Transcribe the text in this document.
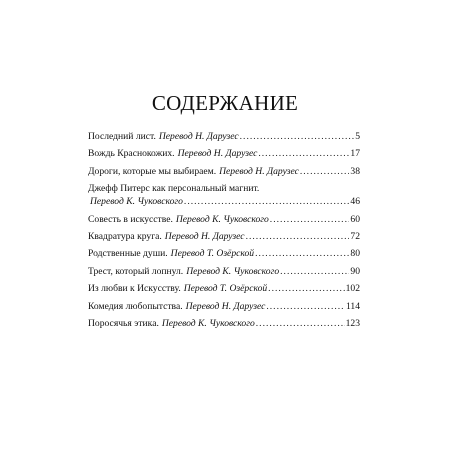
СОДЕРЖАНИЕ
Последний лист. Перевод Н. Дарузес .....	5
Вождь Краснокожих. Перевод Н. Дарузес .....	17
Дороги, которые мы выбираем. Перевод Н. Дарузес .....	38
Джефф Питерс как персональный магнит.
Перевод К. Чуковского .....	46
Совесть в искусстве. Перевод К. Чуковского .....	60
Квадратура круга. Перевод Н. Дарузес .....	72
Родственные души. Перевод Т. Озёрской .....	80
Трест, который лопнул. Перевод К. Чуковского .....	90
Из любви к Искусству. Перевод Т. Озёрской .....	102
Комедия любопытства. Перевод Н. Дарузес .....	114
Поросячья этика. Перевод К. Чуковского .....	123
